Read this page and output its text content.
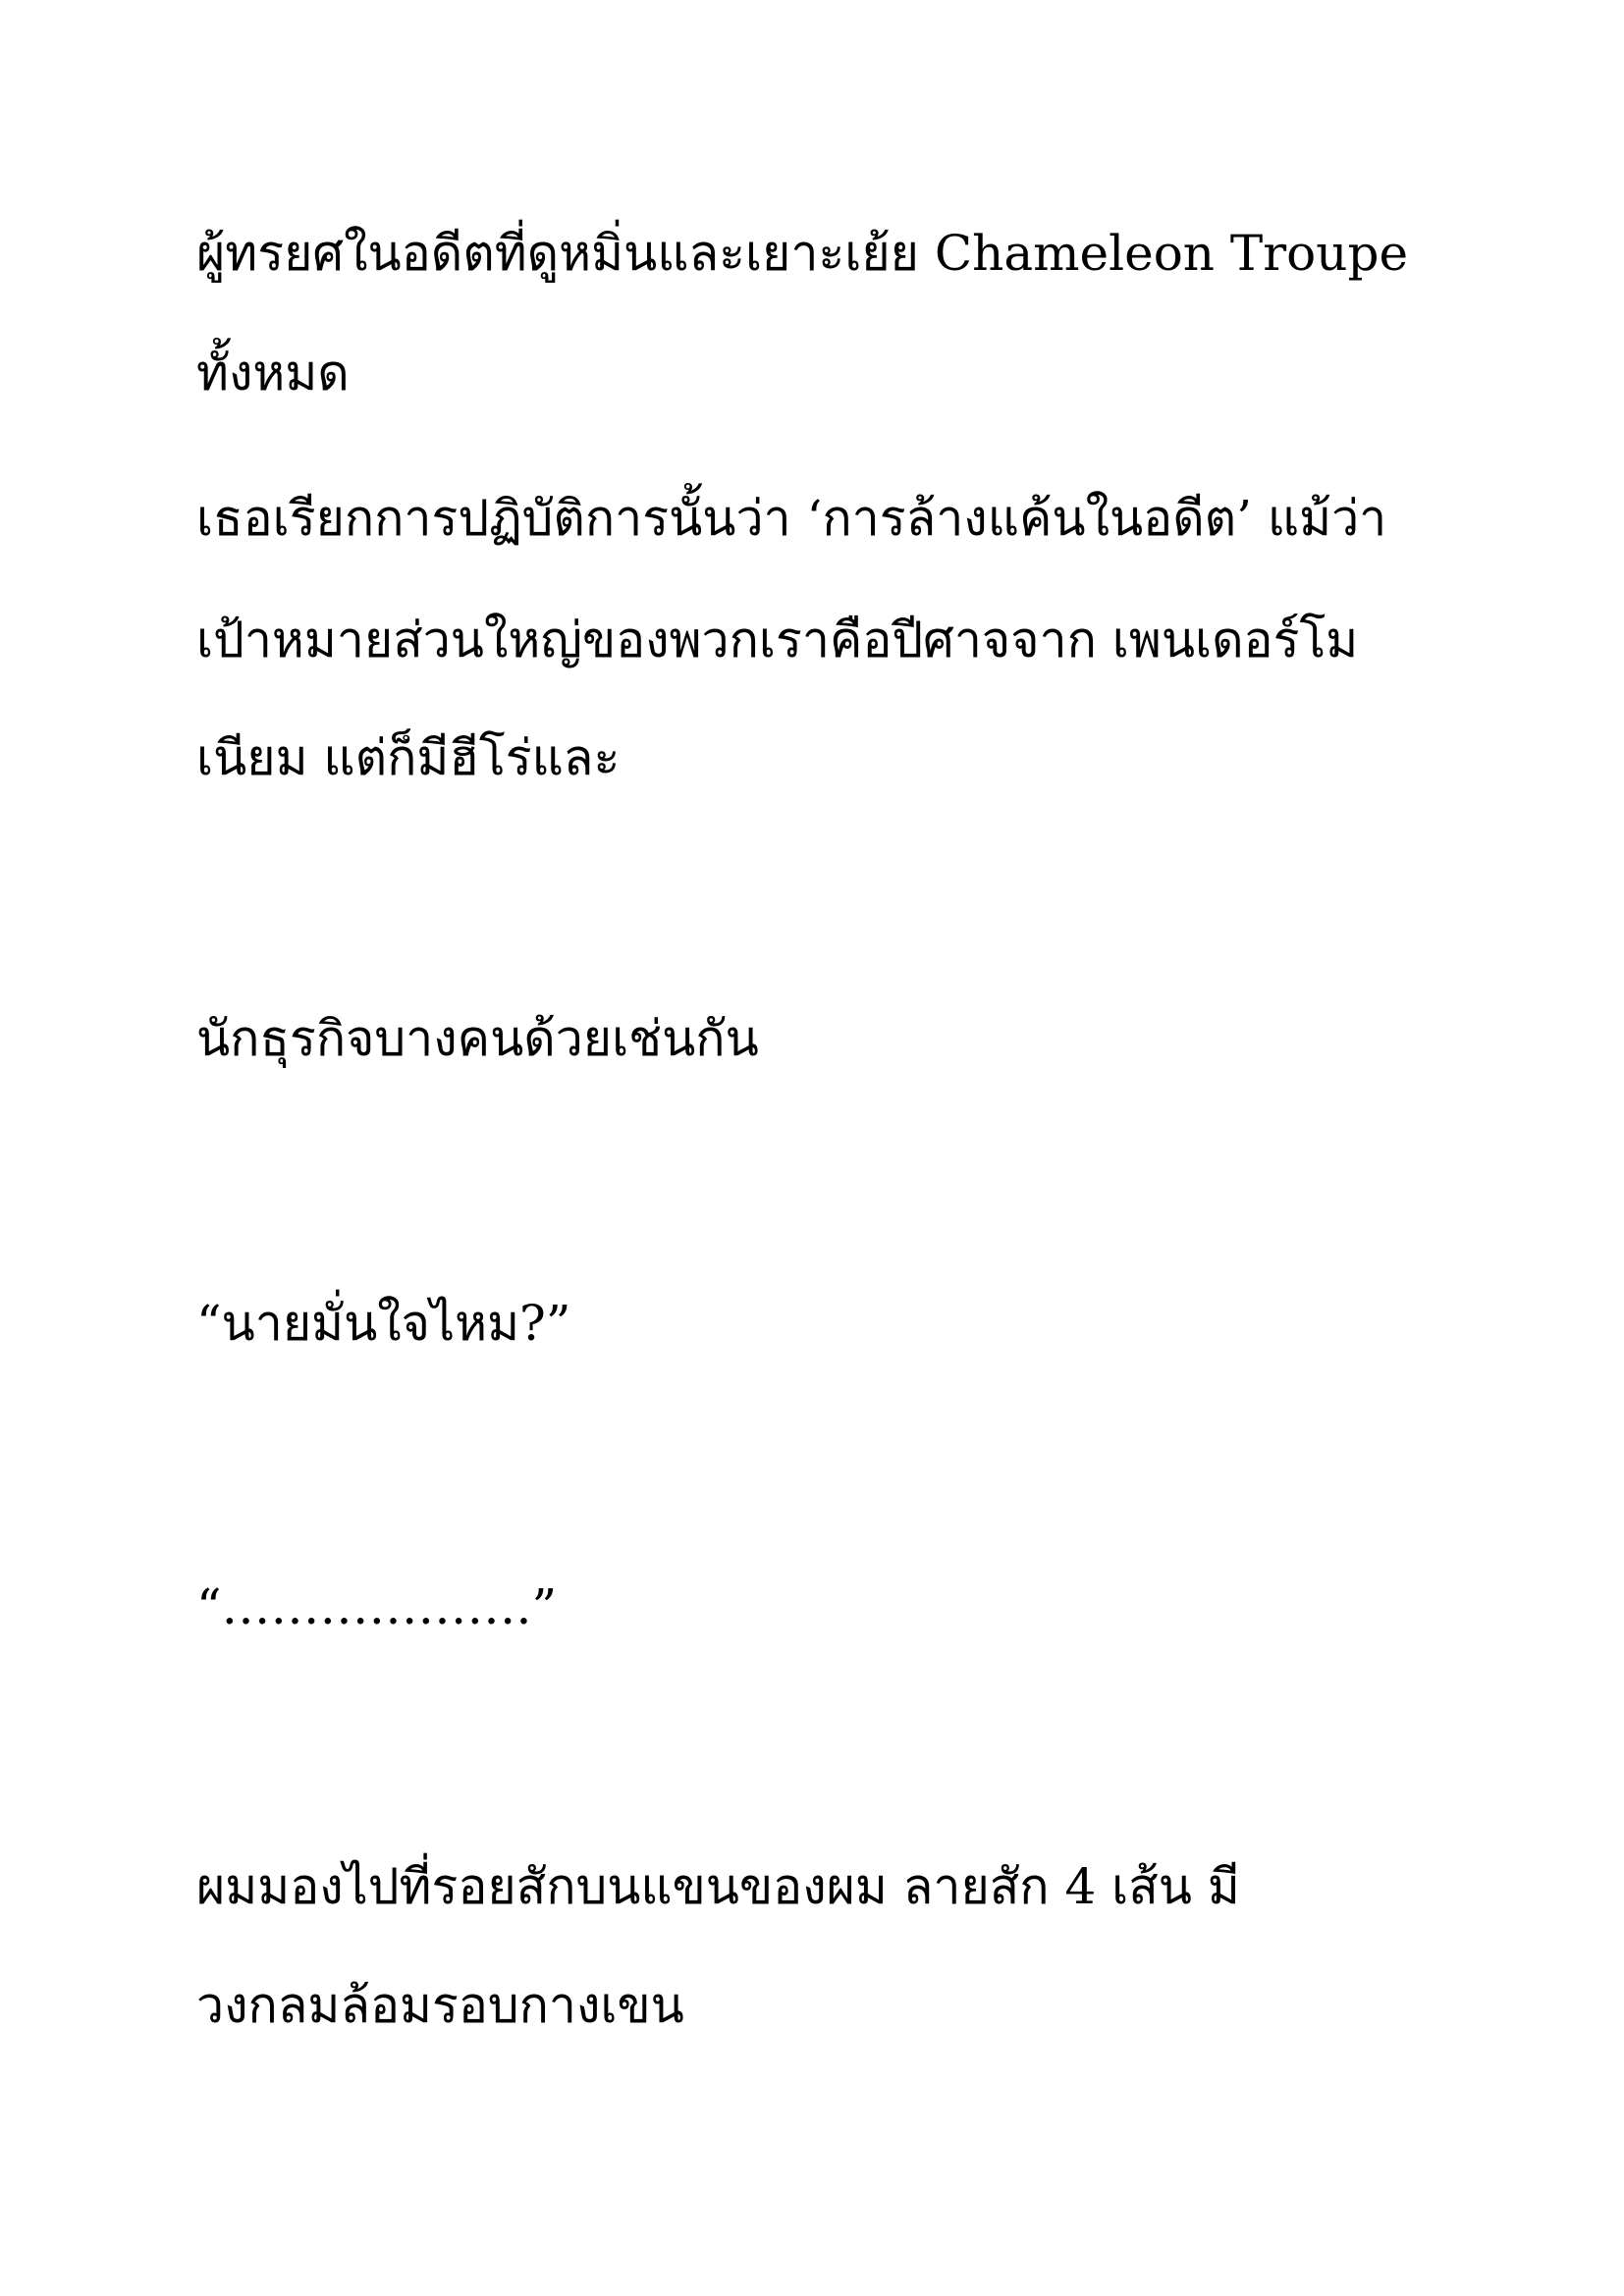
ผู้ทรยศในอดีตที่ดูหมิ่นและเยาะเย้ย Chameleon Troupe

ทั้งหมด

เธอเรียกการปฏิบัติการนั้นว่า ‘การล้างแค้นในอดีต’ แม้ว่า

เป้าหมายส่วนใหญ่ของพวกเราคือปีศาจจาก เพนเดอร์โม

เนียม แต่ก็มีฮีโร่และ

นักธุรกิจบางคนด้วยเช่นกัน

“นายมั่นใจไหม?”

“……………….”

ผมมองไปที่รอยสักบนแขนของผม ลายสัก 4 เส้น มี

วงกลมล้อมรอบกางเขน
